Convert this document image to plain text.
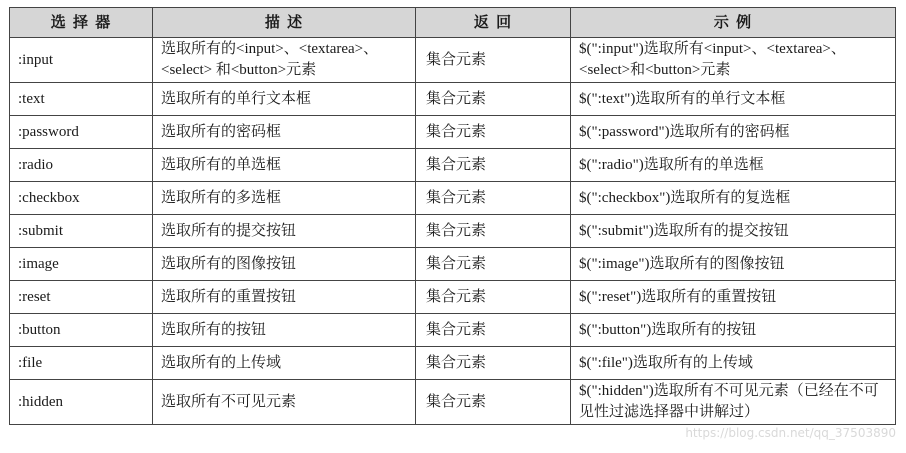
选 择 器	描 述	返 回	示 例
:input	选取所有的<input>、<textarea>、<select> 和<button>元素	集合元素	$(":input")选取所有<input>、<textarea>、<select>和<button>元素
:text	选取所有的单行文本框	集合元素	$(":text")选取所有的单行文本框
:password	选取所有的密码框	集合元素	$(":password")选取所有的密码框
:radio	选取所有的单选框	集合元素	$(":radio")选取所有的单选框
:checkbox	选取所有的多选框	集合元素	$(":checkbox")选取所有的复选框
:submit	选取所有的提交按钮	集合元素	$(":submit")选取所有的提交按钮
:image	选取所有的图像按钮	集合元素	$(":image")选取所有的图像按钮
:reset	选取所有的重置按钮	集合元素	$(":reset")选取所有的重置按钮
:button	选取所有的按钮	集合元素	$(":button")选取所有的按钮
:file	选取所有的上传域	集合元素	$(":file")选取所有的上传域
:hidden	选取所有不可见元素	集合元素	$(":hidden")选取所有不可见元素（已经在不可见性过滤选择器中讲解过）
https://blog.csdn.net/qq_37503890
